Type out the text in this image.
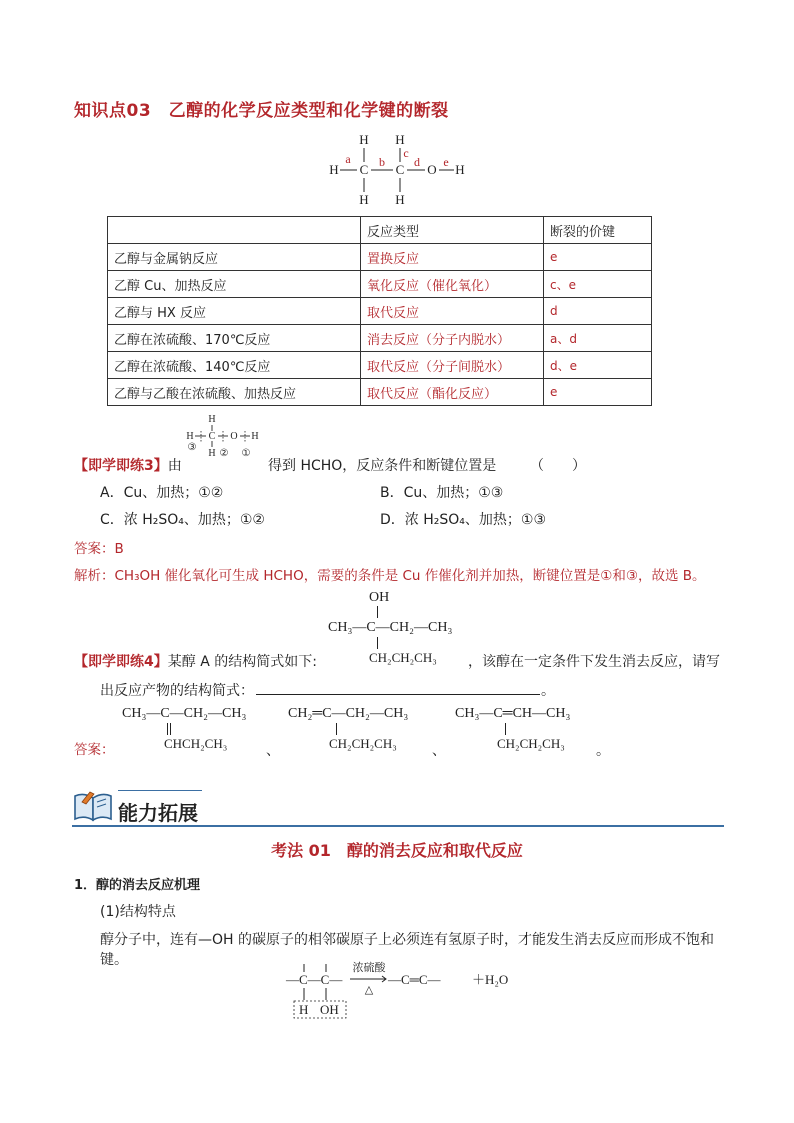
知识点03　乙醇的化学反应类型和化学键的断裂
H H
H C C O H
H H
a b
c
d e
	反应类型	断裂的价键
乙醇与金属钠反应	置换反应	e
乙醇 Cu、加热反应	氧化反应（催化氧化）	c、e
乙醇与 HX 反应	取代反应	d
乙醇在浓硫酸、170℃反应	消去反应（分子内脱水）	a、d
乙醇在浓硫酸、140℃反应	取代反应（分子间脱水）	d、e
乙醇与乙酸在浓硫酸、加热反应	取代反应（酯化反应）	e
H
H C O H
H
③
② ①
【即学即练3】由	得到 HCHO，反应条件和断键位置是 （　　）
A．Cu、加热；①②	B．Cu、加热；①③
C．浓 H₂SO₄、加热；①②	D．浓 H₂SO₄、加热；①③
答案：B
解析：CH₃OH 催化氧化可生成 HCHO，需要的条件是 Cu 作催化剂并加热，断键位置是①和③，故选 B。
OH
CH₃—C—CH₂—CH₃
CH₂CH₂CH₃
【即学即练4】某醇 A 的结构简式如下:	，该醇在一定条件下发生消去反应，请写
出反应产物的结构简式：	。
答案：
CH₃—C—CH₂—CH₃
CHCH₂CH₃	、
CH₂═C—CH₂—CH₃
CH₂CH₂CH₃	、
CH₃—C═CH—CH₃
CH₂CH₂CH₃ 。
能力拓展
考法 01　醇的消去反应和取代反应
1．醇的消去反应机理
(1)结构特点
醇分子中，连有—OH 的碳原子的相邻碳原子上必须连有氢原子时，才能发生消去反应而形成不饱和键。
—C—C—	—C═C— ＋H₂O
H OH
浓硫酸
△
